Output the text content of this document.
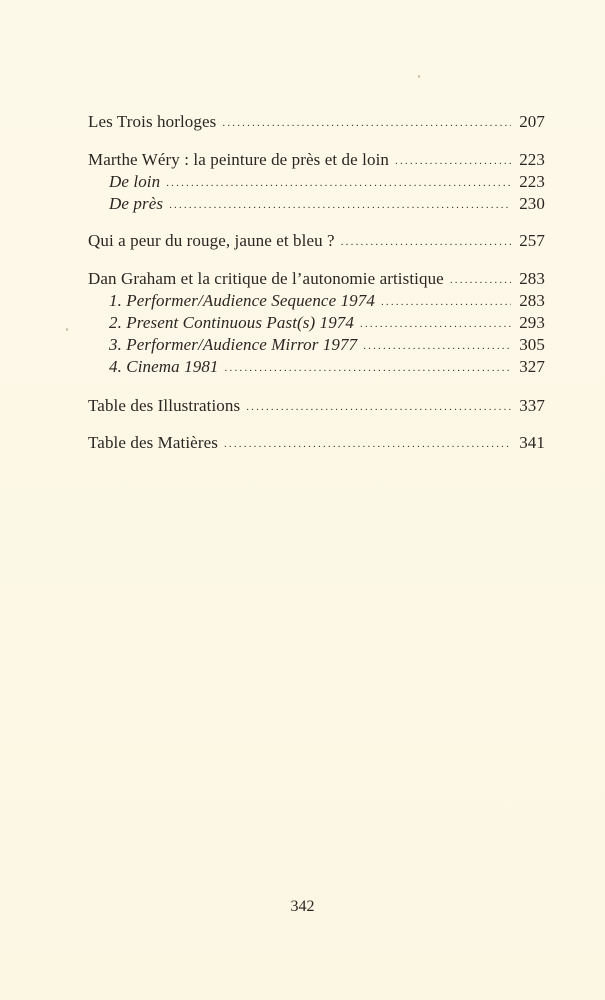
Les Trois horloges .....	207
Marthe Wéry : la peinture de près et de loin .....	223
De loin .....	223
De près .....	230
Qui a peur du rouge, jaune et bleu ? .....	257
Dan Graham et la critique de l’autonomie artistique .....	283
1. Performer/Audience Sequence 1974 .....	283
2. Present Continuous Past(s) 1974 .....	293
3. Performer/Audience Mirror 1977 .....	305
4. Cinema 1981 .....	327
Table des Illustrations .....	337
Table des Matières .....	341
342
